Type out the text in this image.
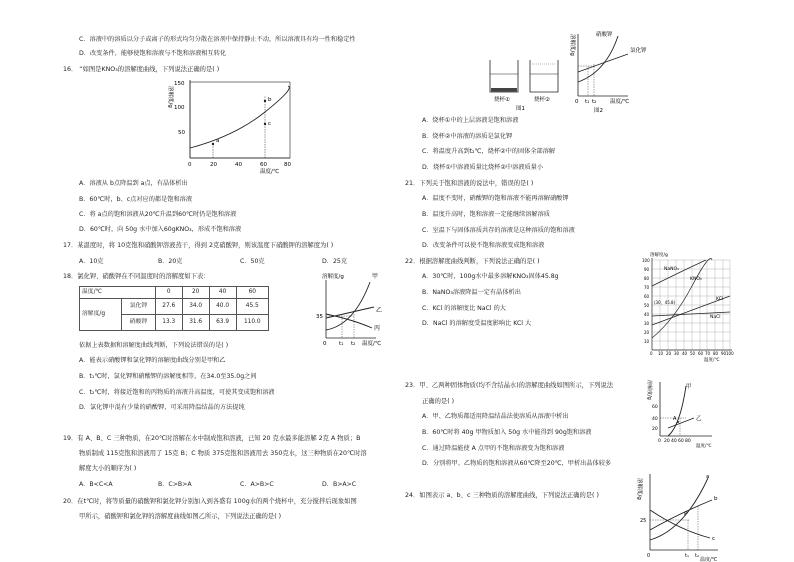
C．溶液中的溶质以分子或离子的形式均匀分散在溶剂中保持静止不动，所以溶液具有均一性和稳定性
D．改变条件，能够使饱和溶液与不饱和溶液相互转化
16． “如图是KNO₃的溶解度曲线，下列说法正确的是( )
溶解度/g
150
100
50
a
b
c
0	20	40	60	80
温度/℃
A．溶液从 b点降温到 a点，有晶体析出
B．60℃时，b、c点对应的都是饱和溶液
C．将 a点的饱和溶液从20℃升温到60℃时仍是饱和溶液
D．60℃时，向 50g 水中加入60gKNO₃，形成不饱和溶液
17．某温度时，将 10克饱和硝酸钾溶液蒸干，得到 2克硝酸钾，则该温度下硝酸钾的溶解度为( )
A．10克	B．20克	C．50克	D．25克
18．氯化钾、硝酸钾在不同温度时的溶解度如下表：
温度/℃		0	20	40	60
溶解度/g	氯化钾	27.6	34.0	40.0	45.5
	硝酸钾	13.3	31.6	63.9	110.0
溶解度/g
35
甲
乙
丙
0 t₁ t₂ 温度/℃
依据上表数据和溶解度曲线判断，下列说法错误的是( )
A．能表示硝酸钾和氯化钾的溶解度曲线分别是甲和乙
B．t₁℃时，氯化钾和硝酸钾的溶解度相等，在34.0至35.0g之间
C．t₂℃时，将接近饱和的丙物质的溶液升高温度，可使其变成饱和溶液
D．氯化钾中混有少量的硝酸钾，可采用降温结晶的方法提纯
19．有 A、B、C 三种物质，在20℃时溶解在水中制成饱和溶液，已知 20 克水最多能溶解 2克 A 物质；B
物质制成 115克饱和溶液用了 15克 B；C 物质 375克饱和溶液用去 350克水，这三种物质在20℃时溶
解度大小的顺序为( )
A．B<C<A	B．C>B>A	C．A>B>C	D．B>A>C
20．在t℃时，将等质量的硝酸钾和氯化钾分别加入到各盛有 100g水的两个烧杯中，充分搅拌后现象如图
甲所示，硝酸钾和氯化钾的溶解度曲线如图乙所示，下列说法正确的是( )
烧杯①	烧杯②
图1
溶解度/g	硝酸钾
氯化钾
0 t₁ t₂ 温度/℃
图2
A．烧杯①中的上层溶液是饱和溶液
B．烧杯②中溶液的溶质是氯化钾
C．将温度升高到t₂℃，烧杯②中的固体全部溶解
D．烧杯①中溶液质量比烧杯②中溶液质量小
21．下列关于饱和溶液的说法中，错误的是( )
A．温度不变时，硝酸钾的饱和溶液不能再溶解硝酸钾
B．温度升高时，饱和溶液一定能继续溶解溶质
C．室温下与固体溶质共存的溶液是这种溶质的饱和溶液
D．改变条件可以使不饱和溶液变成饱和溶液
22．根据溶解度曲线判断，下列说法正确的是( )
A．30℃时，100g水中最多溶解KNO₃固体45.8g
B．NaNO₃溶液降温一定有晶体析出
C．KCl 的溶解度比 NaCl 的大
D．NaCl 的溶解度受温度影响比 KCl 大
溶解度/g
NaNO₃
KNO₃
KCl
NaCl
(30，45.8)
100
90
80
70
60
50
40
30
20
10
0 10 20 30 40 50 60 70 80 90 100
温度/℃
23．甲、乙两种固体物质(均不含结晶水)的溶解度曲线如图所示，下列说法
正确的是( )
A．甲、乙物质都适用降温结晶法使溶质从溶液中析出
B．60℃时将 40g 甲物质加入 50g 水中能得到 90g饱和溶液
C．通过降温能使 A 点甲的不饱和溶液变为饱和溶液
D．分别将甲、乙物质的饱和溶液从60℃降至20℃，甲析出晶体较多
溶解度/g	甲
乙
A
60
40
20
0 20 40 60 80
温度/℃
24．如图表示 a、b、c 三种物质的溶解度曲线，下列说法正确的是( )	溶解度/g
a
b
c
P
25
0	t₁ t₂
温度/℃
